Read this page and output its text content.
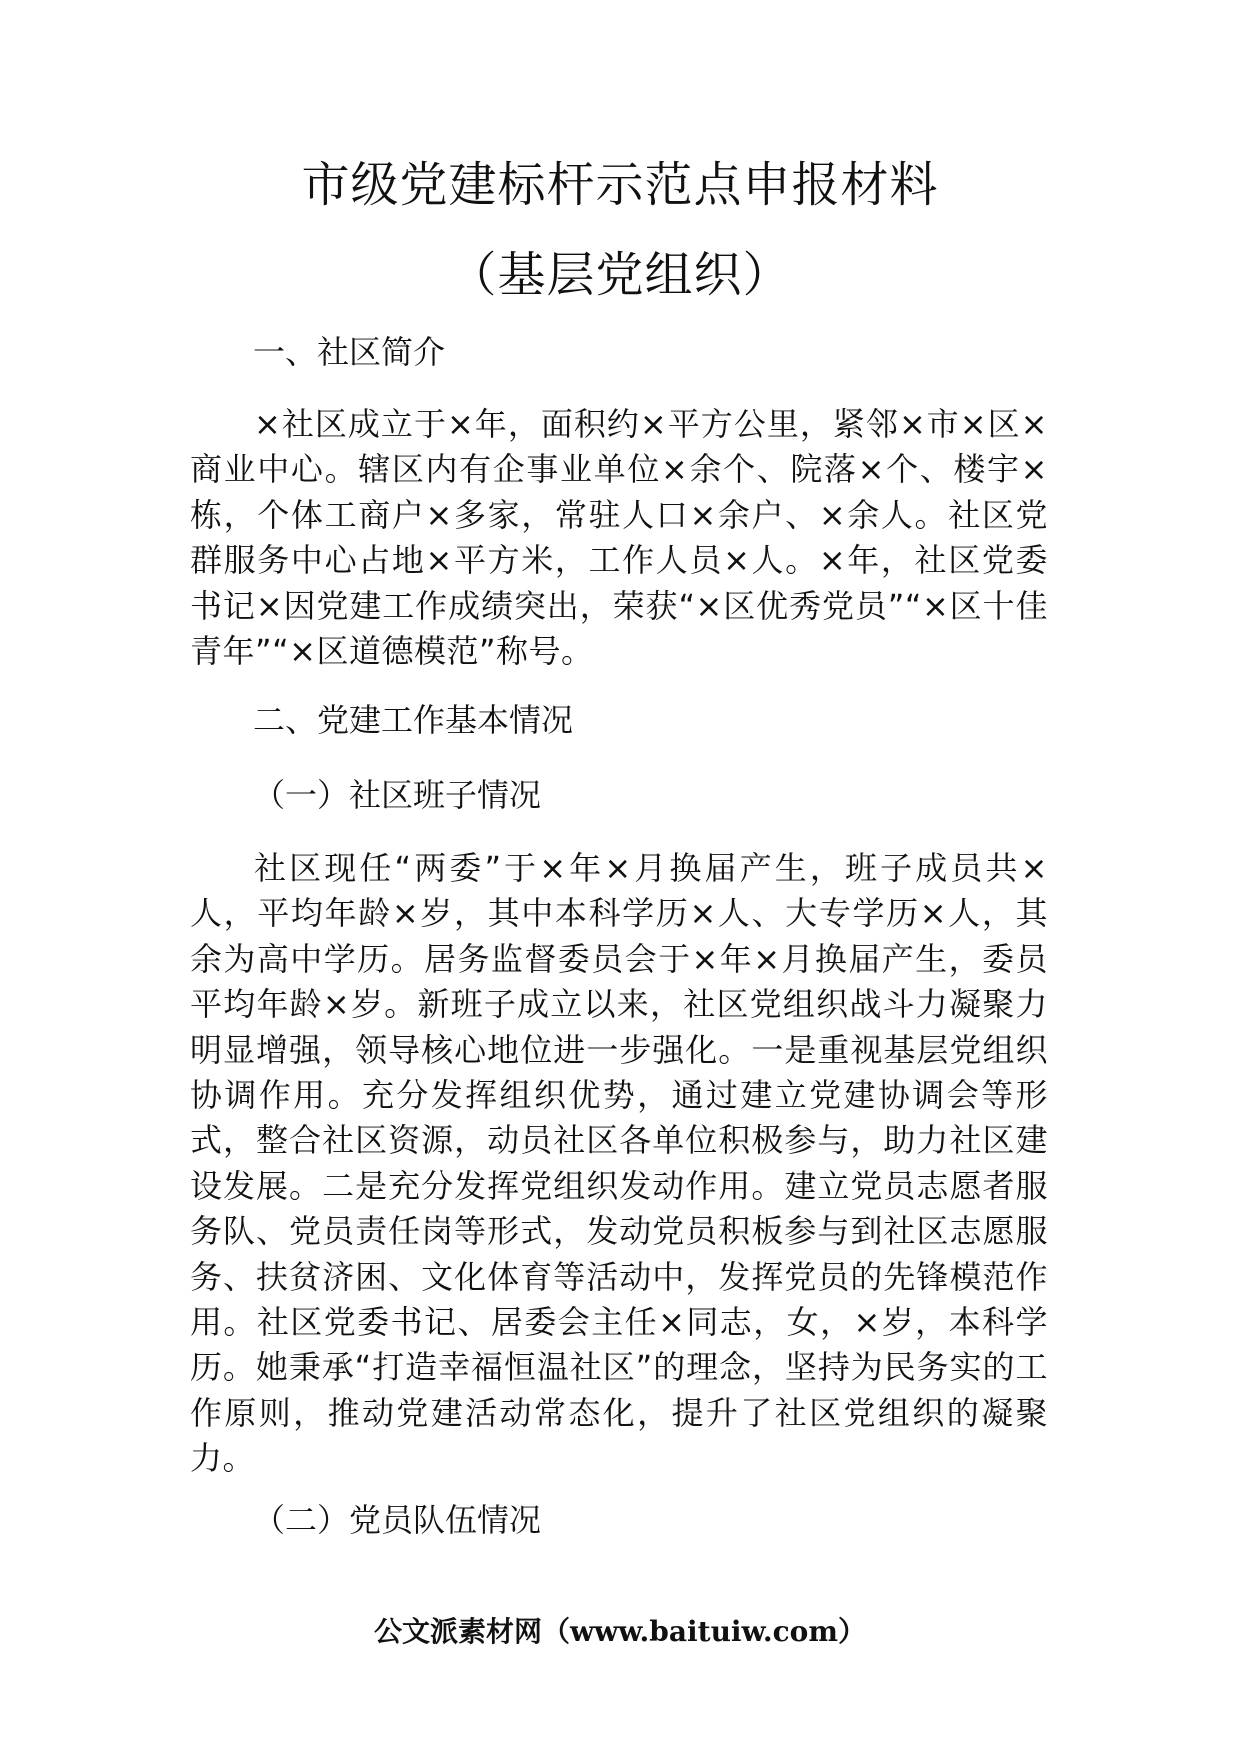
市级党建标杆示范点申报材料
（基层党组织）
一、社区简介
×社区成立于×年，面积约×平方公里，紧邻×市×区×商业中心。辖区内有企事业单位×余个、院落×个、楼宇×栋，个体工商户×多家，常驻人口×余户、×余人。社区党群服务中心占地×平方米，工作人员×人。×年，社区党委书记×因党建工作成绩突出，荣获“×区优秀党员”“×区十佳青年”“×区道德模范”称号。
二、党建工作基本情况
（一）社区班子情况
社区现任“两委”于×年×月换届产生，班子成员共×人，平均年龄×岁，其中本科学历×人、大专学历×人，其余为高中学历。居务监督委员会于×年×月换届产生，委员平均年龄×岁。新班子成立以来，社区党组织战斗力凝聚力明显增强，领导核心地位进一步强化。一是重视基层党组织协调作用。充分发挥组织优势，通过建立党建协调会等形式，整合社区资源，动员社区各单位积极参与，助力社区建设发展。二是充分发挥党组织发动作用。建立党员志愿者服务队、党员责任岗等形式，发动党员积板参与到社区志愿服务、扶贫济困、文化体育等活动中，发挥党员的先锋模范作用。社区党委书记、居委会主任×同志，女，×岁，本科学历。她秉承“打造幸福恒温社区”的理念，坚持为民务实的工作原则，推动党建活动常态化，提升了社区党组织的凝聚力。
（二）党员队伍情况
公文派素材网（www.baituiw.com）
